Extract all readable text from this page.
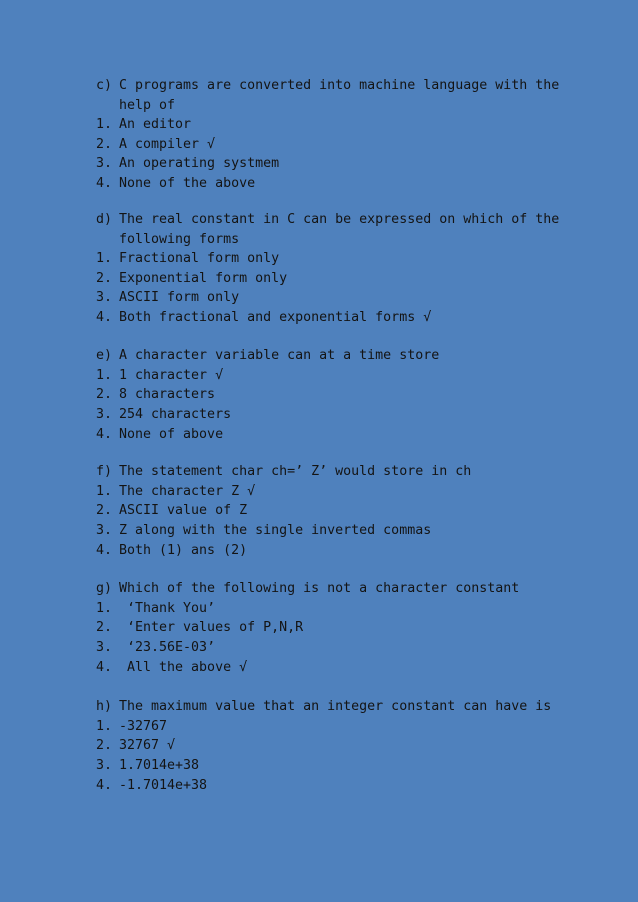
c) C programs are converted into machine language with the help of
1. An editor
2. A compiler √
3. An operating systmem
4. None of the above
d) The real constant in C can be expressed on which of the following forms
1. Fractional form only
2. Exponential form only
3. ASCII form only
4. Both fractional and exponential forms √
e) A character variable can at a time store
1. 1 character √
2. 8 characters
3. 254 characters
4. None of above
f) The statement char ch=’ Z’ would store in ch
1. The character Z √
2. ASCII value of Z
3. Z along with the single inverted commas
4. Both (1) ans (2)
g) Which of the following is not a character constant
1. ‘Thank You’
2. ‘Enter values of P,N,R
3. ‘23.56E-03’
4. All the above √
h) The maximum value that an integer constant can have is
1. -32767
2. 32767 √
3. 1.7014e+38
4. -1.7014e+38
